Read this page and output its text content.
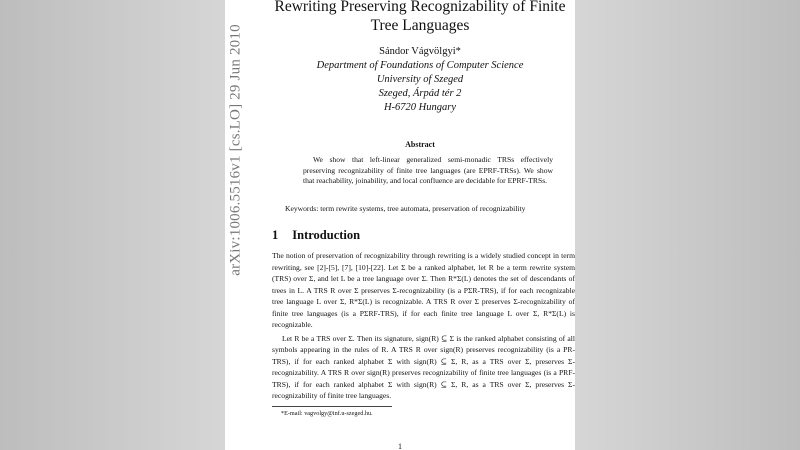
arXiv:1006.5516v1 [cs.LO] 29 Jun 2010
Rewriting Preserving Recognizability of Finite
Tree Languages
Sándor Vágvölgyi*
Department of Foundations of Computer Science
University of Szeged
Szeged, Árpád tér 2
H-6720 Hungary
Abstract
We show that left-linear generalized semi-monadic TRSs effectively preserving recognizability of finite tree languages (are EPRF-TRSs). We show that reachability, joinability, and local confluence are decidable for EPRF-TRSs.
Keywords: term rewrite systems, tree automata, preservation of recognizability
1 Introduction

The notion of preservation of recognizability through rewriting is a widely studied concept in term rewriting, see [2]-[5], [7], [10]-[22]. Let Σ be a ranked alphabet, let R be a term rewrite system (TRS) over Σ, and let L be a tree language over Σ. Then R*Σ(L) denotes the set of descendants of trees in L. A TRS R over Σ preserves Σ-recognizability (is a PΣR-TRS), if for each recognizable tree language L over Σ, R*Σ(L) is recognizable. A TRS R over Σ preserves Σ-recognizability of finite tree languages (is a PΣRF-TRS), if for each finite tree language L over Σ, R*Σ(L) is recognizable.

Let R be a TRS over Σ. Then its signature, sign(R) ⊆ Σ is the ranked alphabet consisting of all symbols appearing in the rules of R. A TRS R over sign(R) preserves recognizability (is a PR-TRS), if for each ranked alphabet Σ with sign(R) ⊆ Σ, R, as a TRS over Σ, preserves Σ-recognizability. A TRS R over sign(R) preserves recognizability of finite tree languages (is a PRF-TRS), if for each ranked alphabet Σ with sign(R) ⊆ Σ, R, as a TRS over Σ, preserves Σ-recognizability of finite tree languages.

*E-mail: vagvolgy@inf.u-szeged.hu.
1
